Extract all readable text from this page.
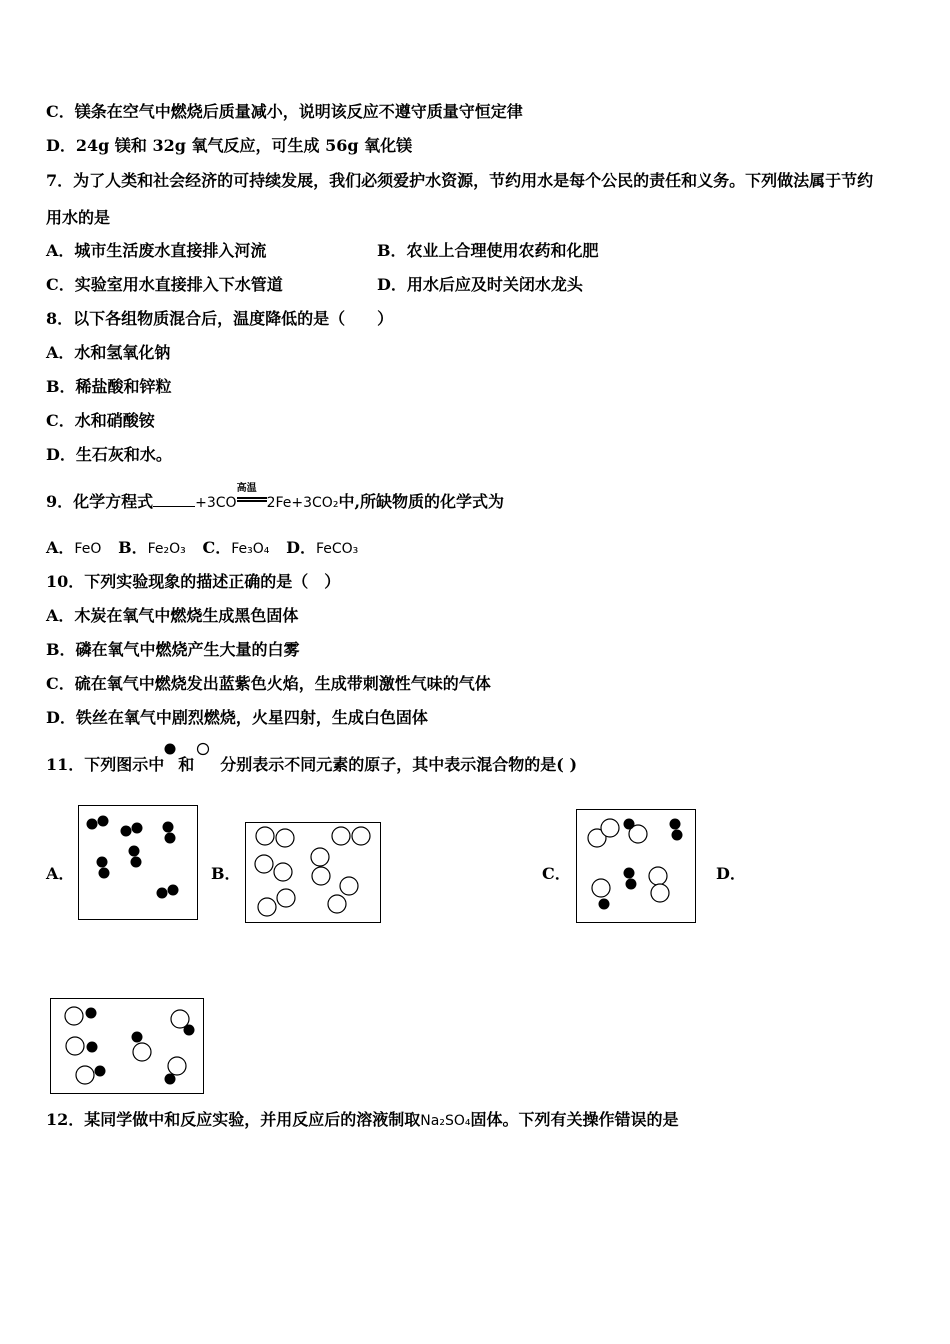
C．镁条在空气中燃烧后质量减小，说明该反应不遵守质量守恒定律
D．24g 镁和 32g 氧气反应，可生成 56g 氧化镁
7．为了人类和社会经济的可持续发展，我们必须爱护水资源，节约用水是每个公民的责任和义务。下列做法属于节约
用水的是
A．城市生活废水直接排入河流	B．农业上合理使用农药和化肥
C．实验室用水直接排入下水管道	D．用水后应及时关闭水龙头
8．以下各组物质混合后，温度降低的是（　　）
A．水和氢氧化钠
B．稀盐酸和锌粒
C．水和硝酸铵
D．生石灰和水。
9．化学方程式	+3CO
高温
2Fe+3CO₂中,所缺物质的化学式为
A．FeO B．Fe₂O₃ C．Fe₃O₄ D．FeCO₃
10．下列实验现象的描述正确的是（　）
A．木炭在氧气中燃烧生成黑色固体
B．磷在氧气中燃烧产生大量的白雾
C．硫在氧气中燃烧发出蓝紫色火焰，生成带刺激性气味的气体
D．铁丝在氧气中剧烈燃烧，火星四射，生成白色固体
11．下列图示中 和 分别表示不同元素的原子，其中表示混合物的是( )
A．	B．	C．	D．
12．某同学做中和反应实验，并用反应后的溶液制取Na₂SO₄固体。下列有关操作错误的是
